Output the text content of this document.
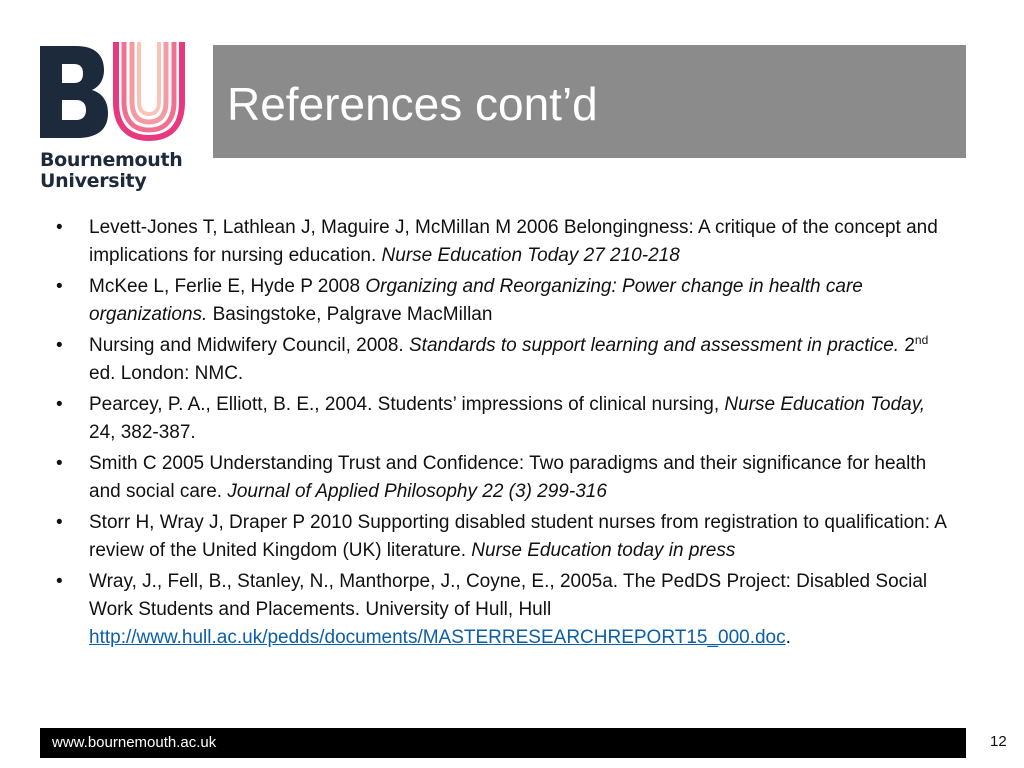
Bournemouth
University
References cont’d
• Levett-Jones T, Lathlean J, Maguire J, McMillan M 2006 Belongingness: A critique of the concept and implications for nursing education. Nurse Education Today 27 210-218
• McKee L, Ferlie E, Hyde P 2008 Organizing and Reorganizing: Power change in health care organizations. Basingstoke, Palgrave MacMillan
• Nursing and Midwifery Council, 2008. Standards to support learning and assessment in practice. 2nd ed. London: NMC.
• Pearcey, P. A., Elliott, B. E., 2004. Students’ impressions of clinical nursing, Nurse Education Today, 24, 382-387.
• Smith C 2005 Understanding Trust and Confidence: Two paradigms and their significance for health and social care. Journal of Applied Philosophy 22 (3) 299-316
• Storr H, Wray J, Draper P 2010 Supporting disabled student nurses from registration to qualification: A review of the United Kingdom (UK) literature. Nurse Education today in press
• Wray, J., Fell, B., Stanley, N., Manthorpe, J., Coyne, E., 2005a. The PedDS Project: Disabled Social Work Students and Placements. University of Hull, Hull http://www.hull.ac.uk/pedds/documents/MASTERRESEARCHREPORT15_000.doc.
www.bournemouth.ac.uk	12
